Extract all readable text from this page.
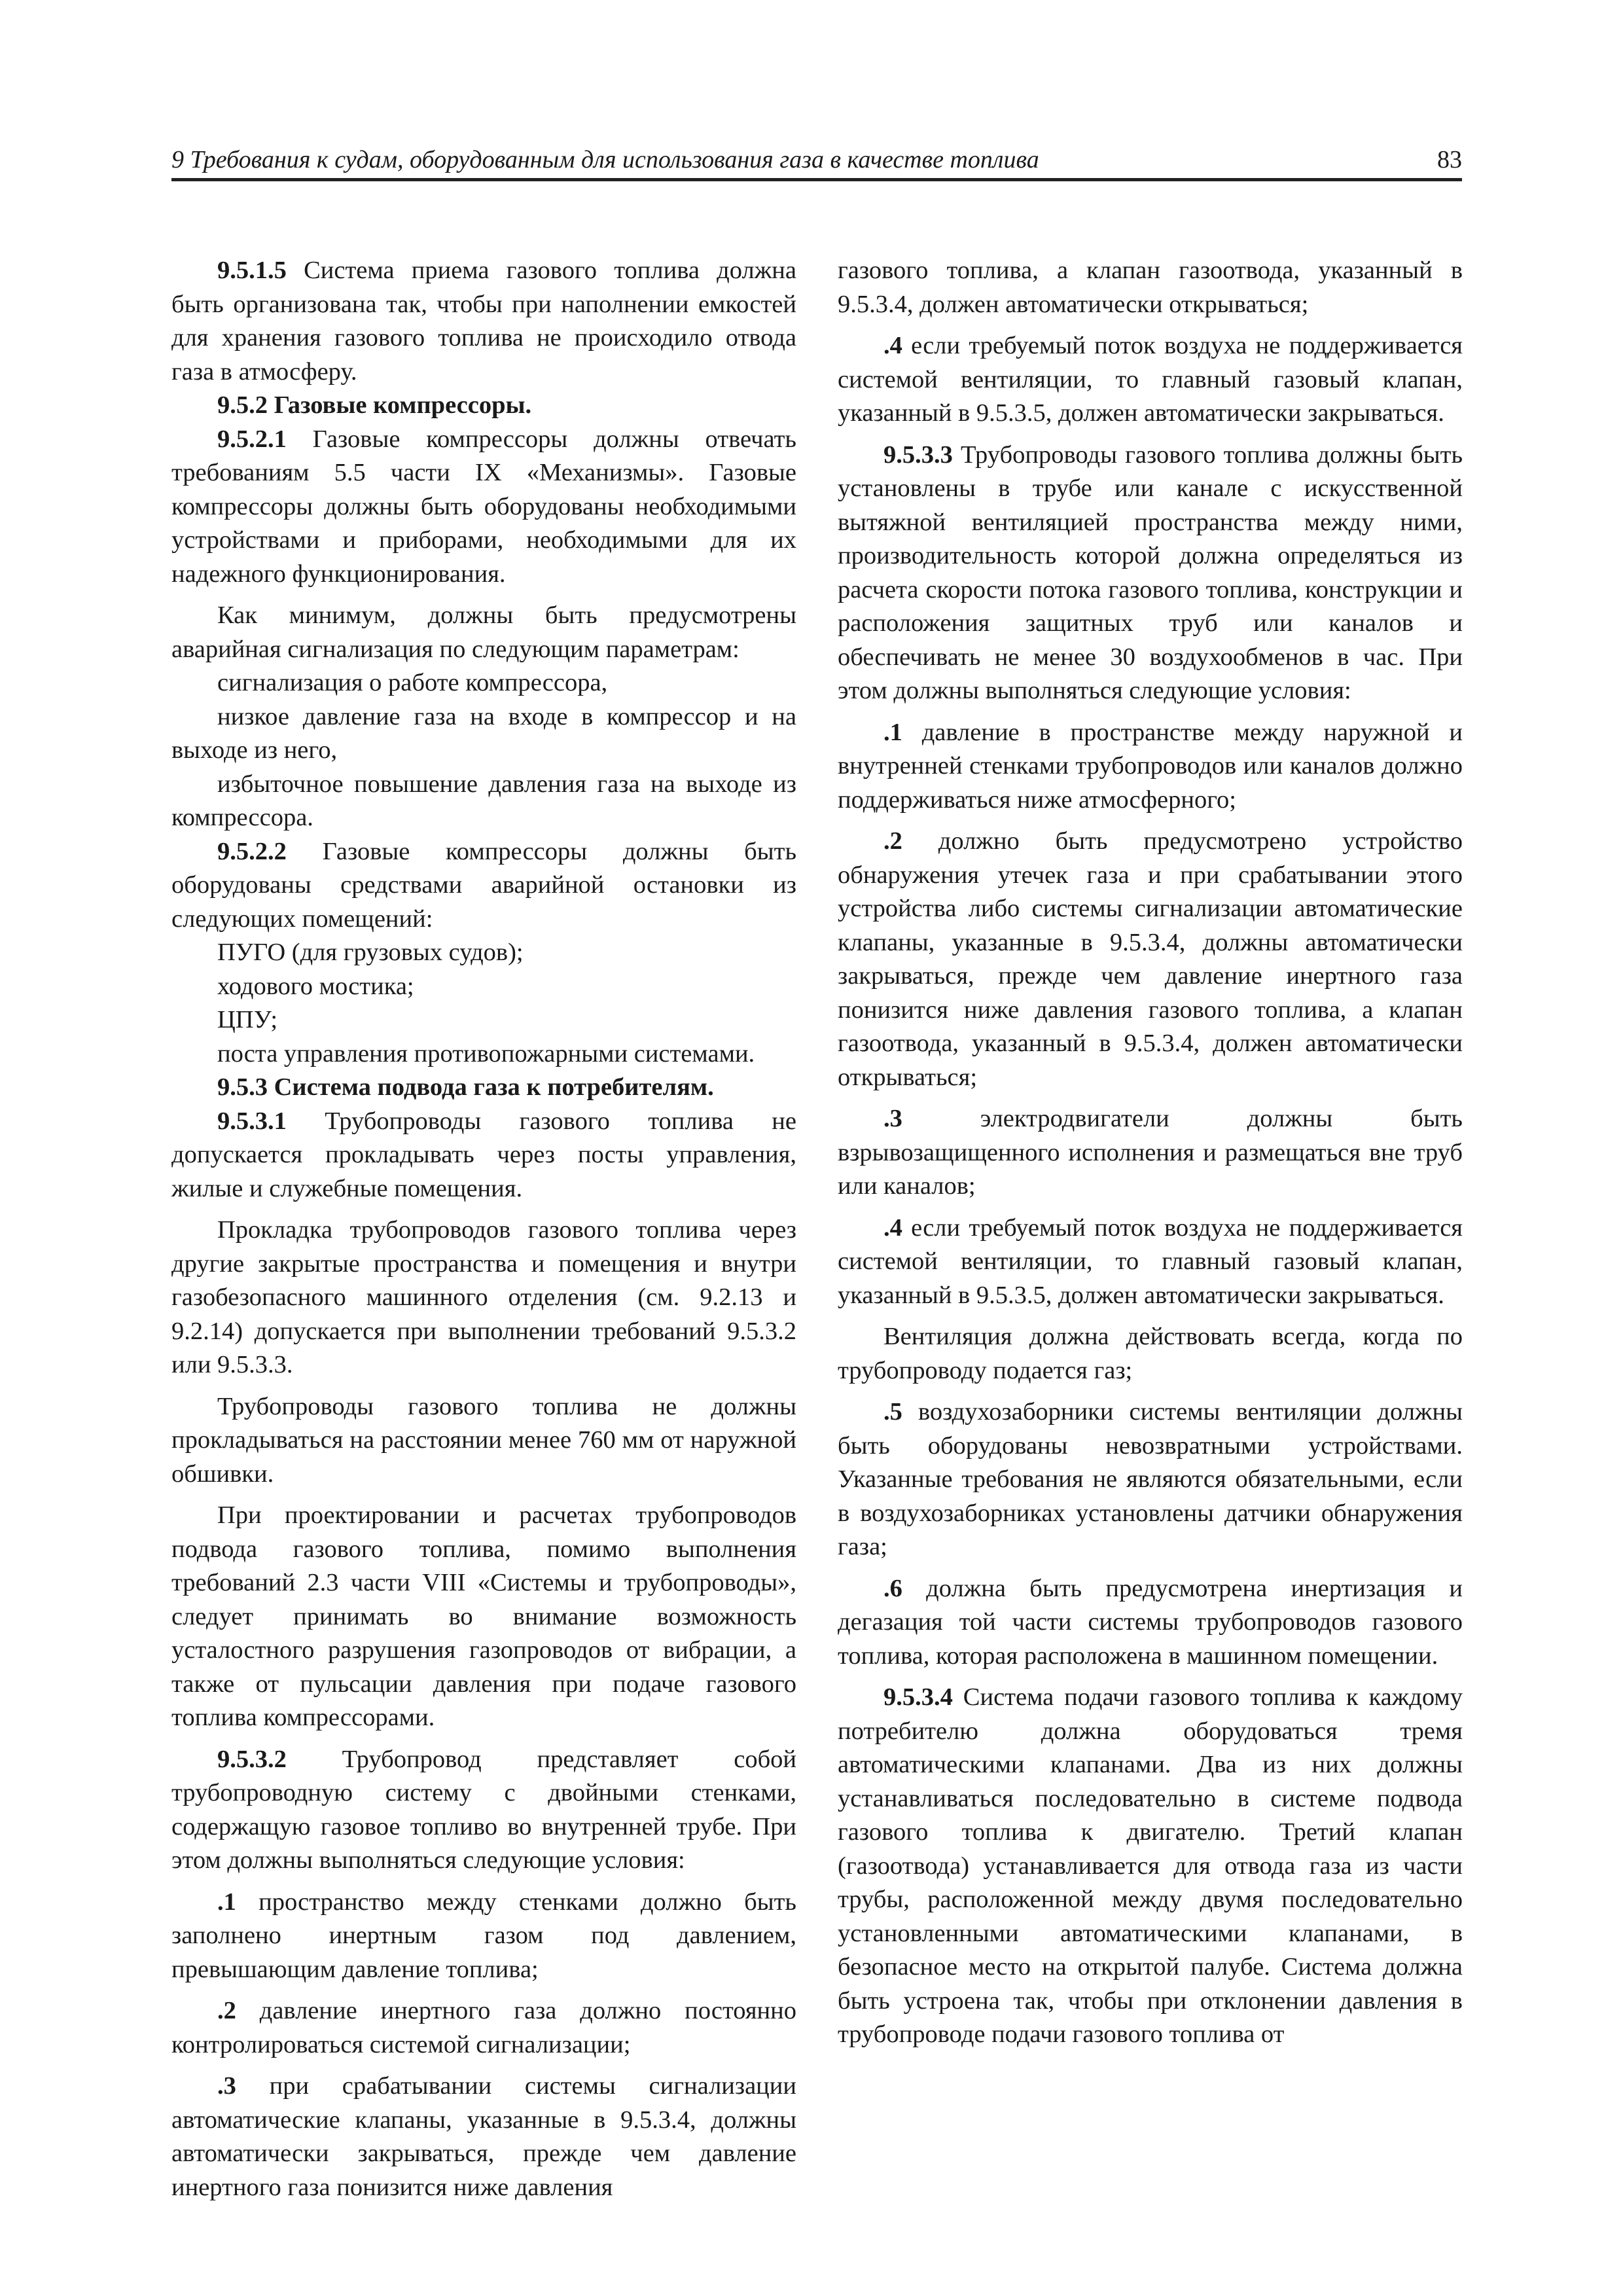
9 Требования к судам, оборудованным для использования газа в качестве топлива	83

9.5.1.5 Система приема газового топлива должна быть организована так, чтобы при наполнении емкостей для хранения газового топлива не происходило отвода газа в атмосферу.

9.5.2 Газовые компрессоры.

9.5.2.1 Газовые компрессоры должны отвечать требованиям 5.5 части IX «Механизмы». Газовые компрессоры должны быть оборудованы необходимыми устройствами и приборами, необходимыми для их надежного функционирования.

Как минимум, должны быть предусмотрены аварийная сигнализация по следующим параметрам:

сигнализация о работе компрессора,

низкое давление газа на входе в компрессор и на выходе из него,

избыточное повышение давления газа на выходе из компрессора.

9.5.2.2 Газовые компрессоры должны быть оборудованы средствами аварийной остановки из следующих помещений:

ПУГО (для грузовых судов);

ходового мостика;

ЦПУ;

поста управления противопожарными системами.

9.5.3 Система подвода газа к потребителям.

9.5.3.1 Трубопроводы газового топлива не допускается прокладывать через посты управления, жилые и служебные помещения.

Прокладка трубопроводов газового топлива через другие закрытые пространства и помещения и внутри газобезопасного машинного отделения (см. 9.2.13 и 9.2.14) допускается при выполнении требований 9.5.3.2 или 9.5.3.3.

Трубопроводы газового топлива не должны прокладываться на расстоянии менее 760 мм от наружной обшивки.

При проектировании и расчетах трубопроводов подвода газового топлива, помимо выполнения требований 2.3 части VIII «Системы и трубопроводы», следует принимать во внимание возможность усталостного разрушения газопроводов от вибрации, а также от пульсации давления при подаче газового топлива компрессорами.

9.5.3.2 Трубопровод представляет собой трубопроводную систему с двойными стенками, содержащую газовое топливо во внутренней трубе. При этом должны выполняться следующие условия:

.1 пространство между стенками должно быть заполнено инертным газом под давлением, превышающим давление топлива;

.2 давление инертного газа должно постоянно контролироваться системой сигнализации;

.3 при срабатывании системы сигнализации автоматические клапаны, указанные в 9.5.3.4, должны автоматически закрываться, прежде чем давление инертного газа понизится ниже давления

газового топлива, а клапан газоотвода, указанный в 9.5.3.4, должен автоматически открываться;

.4 если требуемый поток воздуха не поддерживается системой вентиляции, то главный газовый клапан, указанный в 9.5.3.5, должен автоматически закрываться.

9.5.3.3 Трубопроводы газового топлива должны быть установлены в трубе или канале с искусственной вытяжной вентиляцией пространства между ними, производительность которой должна определяться из расчета скорости потока газового топлива, конструкции и расположения защитных труб или каналов и обеспечивать не менее 30 воздухообменов в час. При этом должны выполняться следующие условия:

.1 давление в пространстве между наружной и внутренней стенками трубопроводов или каналов должно поддерживаться ниже атмосферного;

.2 должно быть предусмотрено устройство обнаружения утечек газа и при срабатывании этого устройства либо системы сигнализации автоматические клапаны, указанные в 9.5.3.4, должны автоматически закрываться, прежде чем давление инертного газа понизится ниже давления газового топлива, а клапан газоотвода, указанный в 9.5.3.4, должен автоматически открываться;

.3	электродвигатели должны быть взрывозащищенного исполнения и размещаться вне труб или каналов;

.4 если требуемый поток воздуха не поддерживается системой вентиляции, то главный газовый клапан, указанный в 9.5.3.5, должен автоматически закрываться.

Вентиляция должна действовать всегда, когда по трубопроводу подается газ;

.5 воздухозаборники системы вентиляции должны быть оборудованы невозвратными устройствами. Указанные требования не являются обязательными, если в воздухозаборниках установлены датчики обнаружения газа;

.6 должна быть предусмотрена инертизация и дегазация той части системы трубопроводов газового топлива, которая расположена в машинном помещении.

9.5.3.4 Система подачи газового топлива к каждому потребителю должна оборудоваться тремя автоматическими клапанами. Два из них должны устанавливаться последовательно в системе подвода газового топлива к двигателю. Третий клапан (газоотвода) устанавливается для отвода газа из части трубы, расположенной между двумя последовательно установленными автоматическими клапанами, в безопасное место на открытой палубе. Система должна быть устроена так, чтобы при отклонении давления в трубопроводе подачи газового топлива от
